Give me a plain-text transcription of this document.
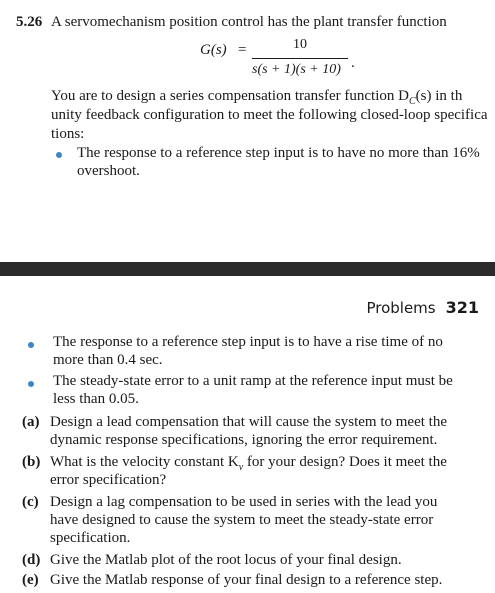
5.26 A servomechanism position control has the plant transfer function
G(s) =	10
s(s + 1)(s + 10) .
You are to design a series compensation transfer function $D_C(s)$ in th
unity feedback configuration to meet the following closed-loop specifica
tions:
The response to a reference step input is to have no more than 16%
overshoot.
Problems 321
The response to a reference step input is to have a rise time of no
more than 0.4 sec.
The steady-state error to a unit ramp at the reference input must be
less than 0.05.
(a) Design a lead compensation that will cause the system to meet the
dynamic response specifications, ignoring the error requirement.
(b) What is the velocity constant $K_v$ for your design? Does it meet the
error specification?
(c) Design a lag compensation to be used in series with the lead you
have designed to cause the system to meet the steady-state error
specification.
(d) Give the Matlab plot of the root locus of your final design.
(e) Give the Matlab response of your final design to a reference step.
